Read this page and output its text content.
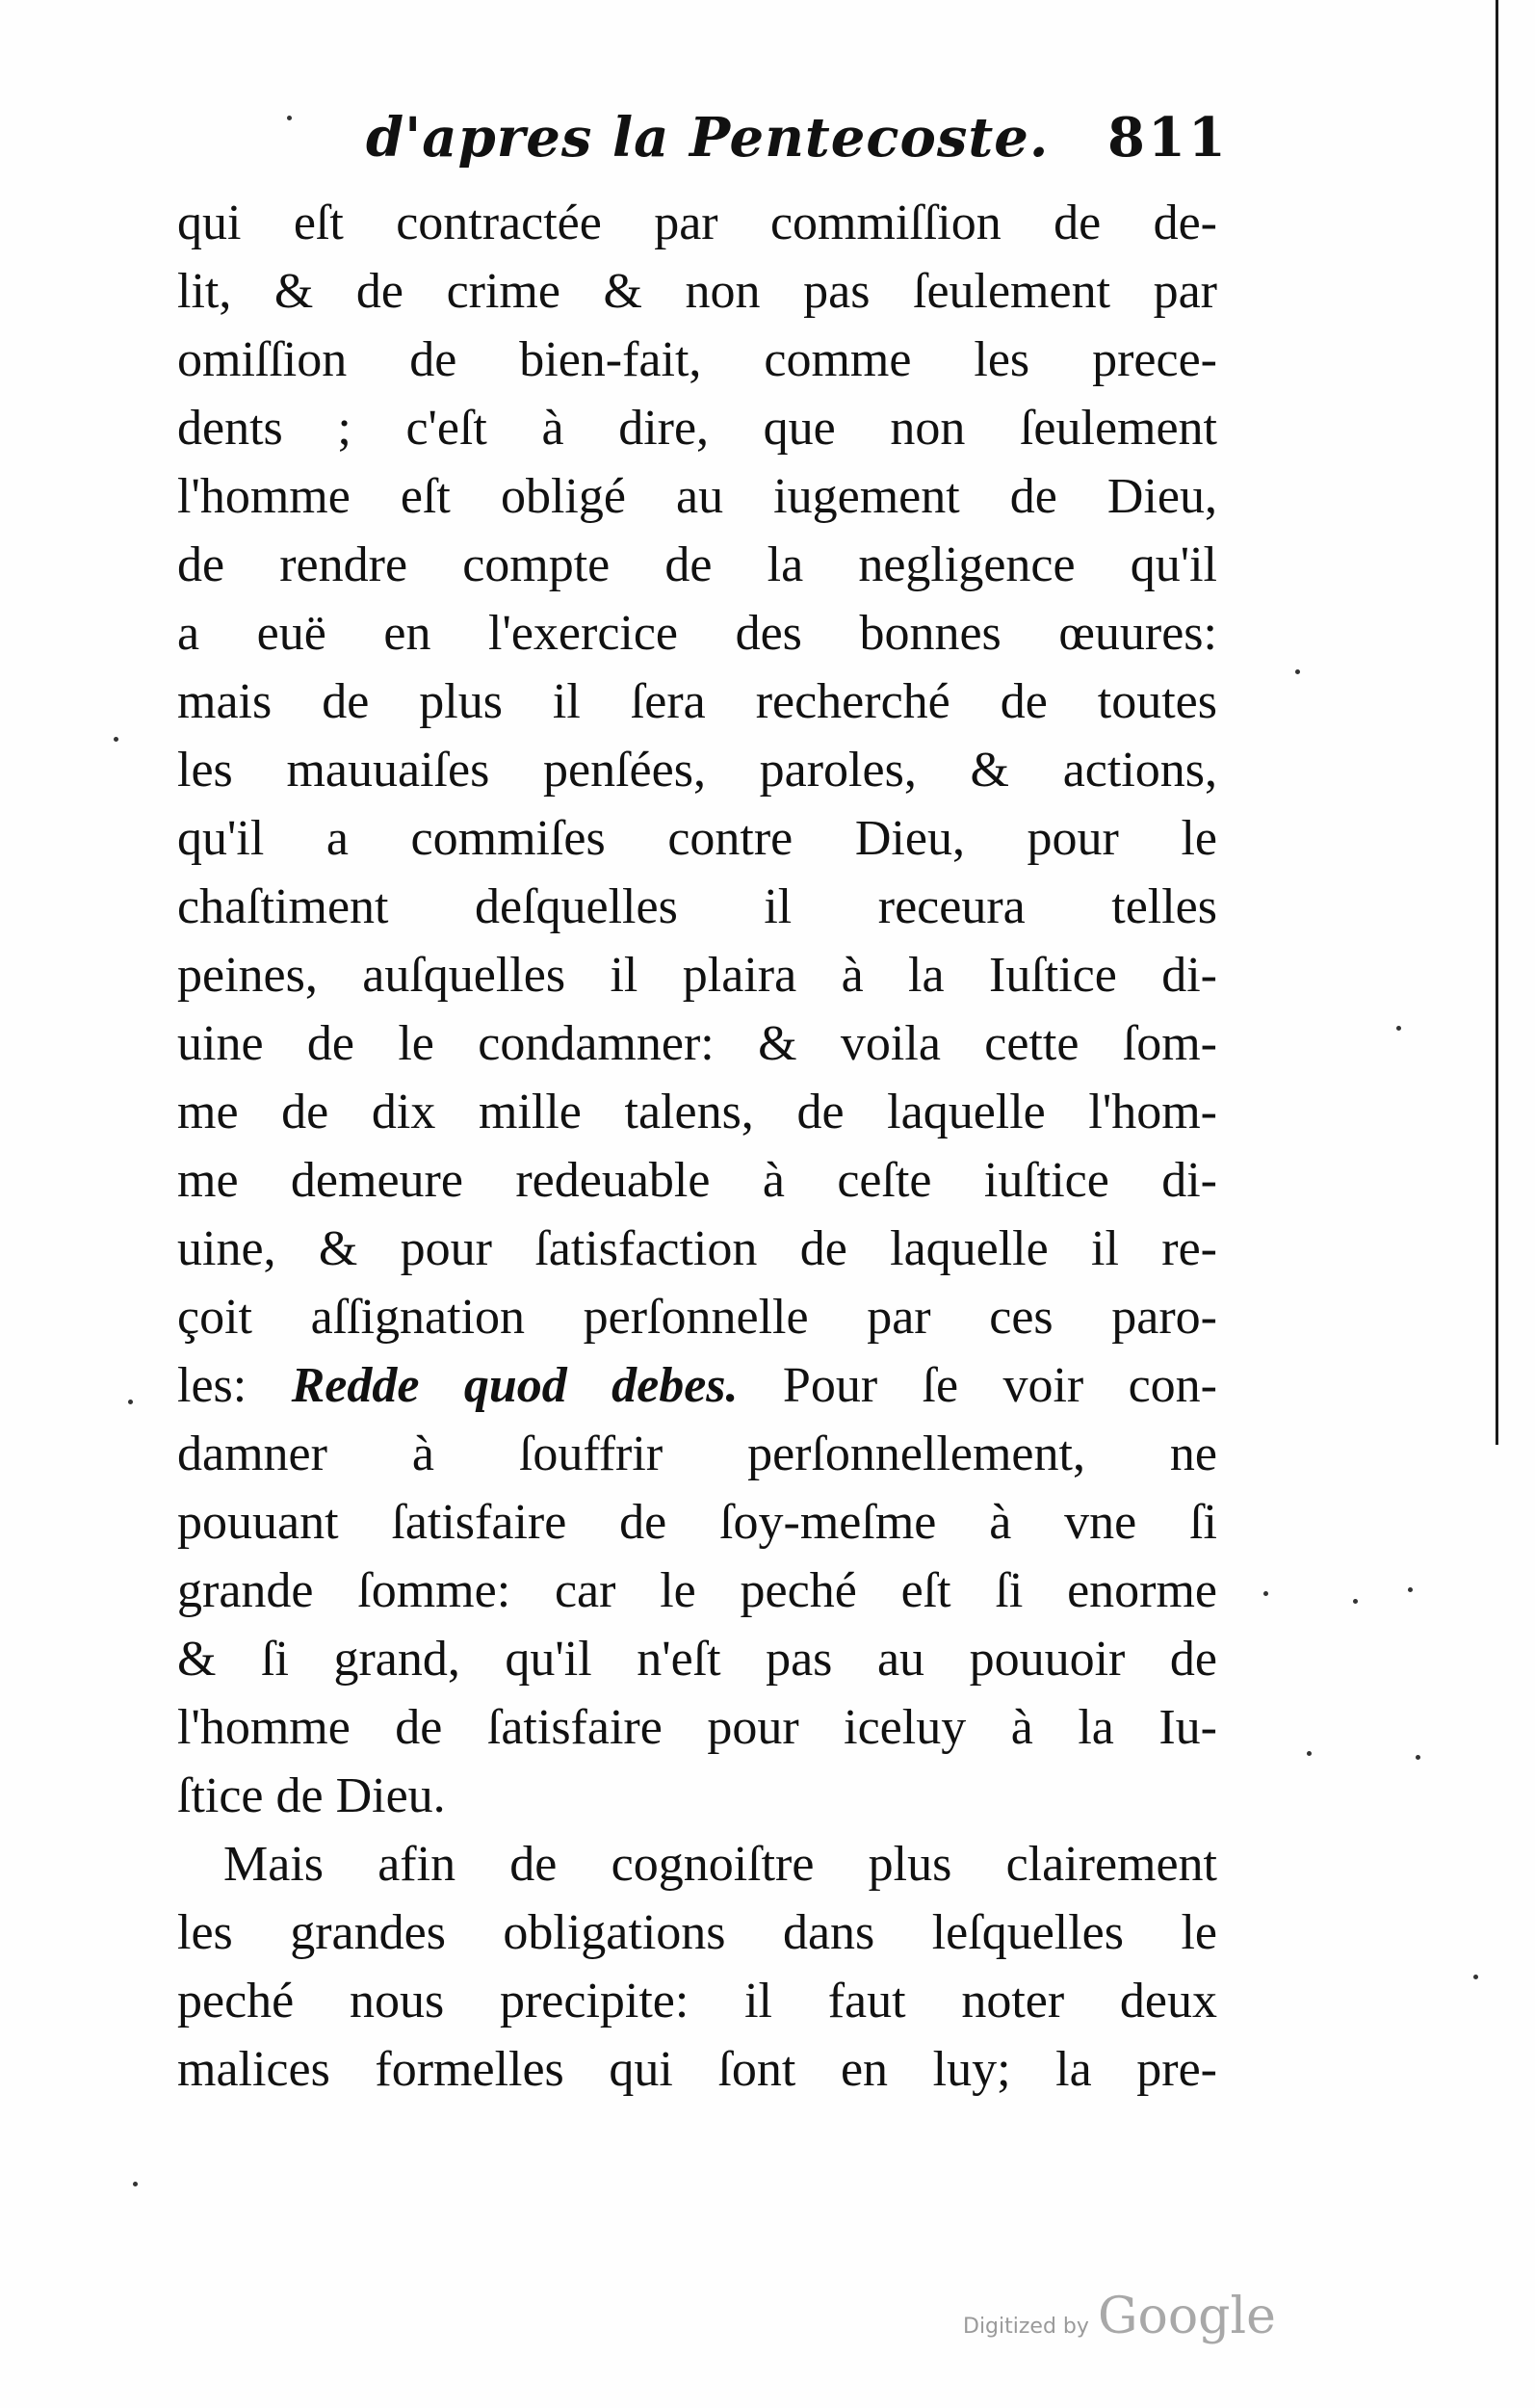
d'apres la Pentecoste. 811
qui eſt contractée par commiſſion de de-
lit, & de crime & non pas ſeulement par
omiſſion de bien-fait, comme les prece-
dents ; c'eſt à dire, que non ſeulement
l'homme eſt obligé au iugement de Dieu,
de rendre compte de la negligence qu'il
a euë en l'exercice des bonnes œuures:
mais de plus il ſera recherché de toutes
les mauuaiſes penſées, paroles, & actions,
qu'il a commiſes contre Dieu, pour le
chaſtiment deſquelles il receura telles
peines, auſquelles il plaira à la Iuſtice di-
uine de le condamner: & voila cette ſom-
me de dix mille talens, de laquelle l'hom-
me demeure redeuable à ceſte iuſtice di-
uine, & pour ſatisfaction de laquelle il re-
çoit aſſignation perſonnelle par ces paro-
les: Redde quod debes. Pour ſe voir con-
damner à ſouffrir perſonnellement, ne
pouuant ſatisfaire de ſoy-meſme à vne ſi
grande ſomme: car le peché eſt ſi enorme
& ſi grand, qu'il n'eſt pas au pouuoir de
l'homme de ſatisfaire pour iceluy à la Iu-
ſtice de Dieu.
Mais afin de cognoiſtre plus clairement
les grandes obligations dans leſquelles le
peché nous precipite: il faut noter deux
malices formelles qui ſont en luy; la pre-
Digitized by Google
